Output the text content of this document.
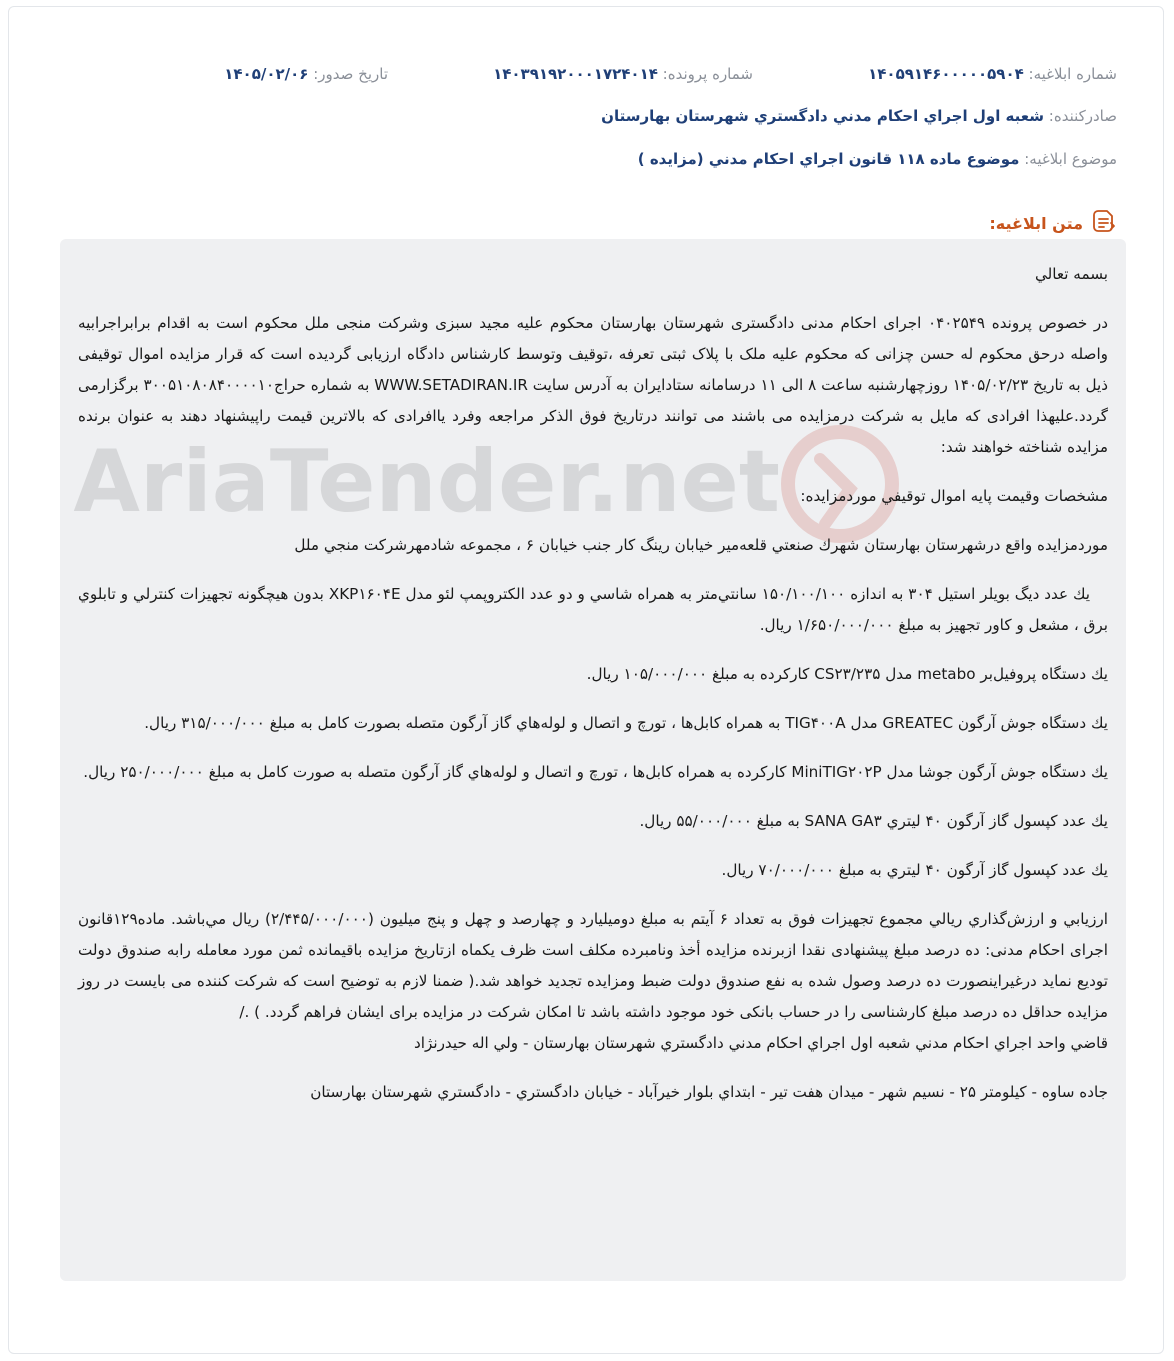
شماره ابلاغيه: ۱۴۰۵۹۱۴۶۰۰۰۰۰۵۹۰۴
شماره پرونده: ۱۴۰۳۹۱۹۲۰۰۰۱۷۲۴۰۱۴
تاريخ صدور: ۱۴۰۵/۰۲/۰۶
صادرکننده: شعبه اول اجراي احکام مدني دادگستري شهرستان بهارستان
موضوع ابلاغيه: موضوع ماده ۱۱۸ قانون اجراي احكام مدني (مزايده )
متن ابلاغيه:
AriaTender.net

بسمه تعالي

در خصوص پرونده ۰۴۰۲۵۴۹ اجرای احکام مدنی دادگستری شهرستان بهارستان محکوم علیه مجید سبزی وشرکت منجی ملل محکوم است به اقدام برابراجرابیه واصله درحق محکوم له حسن چزانی که محکوم علیه ملک با پلاک ثبتی تعرفه ،توقیف وتوسط کارشناس دادگاه ارزیابی گردیده است که قرار مزایده اموال توقیفی ذیل به تاریخ ۱۴۰۵/۰۲/۲۳ روزچهارشنبه ساعت ۸ الی ۱۱ درسامانه ستادایران به آدرس سایت WWW.SETADIRAN.IR به شماره حراج۳۰۰۵۱۰۸۰۸۴۰۰۰۰۱۰ برگزارمی گردد.علیهذا افرادی که مایل به شرکت درمزایده می باشند می توانند درتاریخ فوق الذکر مراجعه وفرد یاافرادی که بالاترین قیمت راپیشنهاد دهند به عنوان برنده مزایده شناخته خواهند شد:

مشخصات وقيمت پايه اموال توقيفي موردمزايده:

موردمزايده واقع درشهرستان بهارستان شهرك صنعتي قلعه‌مير خيابان رينگ كار جنب خيابان ۶ ، مجموعه شادمهرشركت منجي ملل

يك عدد ديگ بويلر استيل ۳۰۴ به اندازه ۱۵۰/۱۰۰/۱۰۰ سانتي‌متر به همراه شاسي و دو عدد الكتروپمپ لئو مدل XKP۱۶۰۴E بدون هيچگونه تجهيزات كنترلي و تابلوي برق ، مشعل و كاور تجهيز به مبلغ ۱/۶۵۰/۰۰۰/۰۰۰ ريال.

يك دستگاه پروفيل‌بر metabo مدل CS۲۳/۲۳۵ كاركرده به مبلغ ۱۰۵/۰۰۰/۰۰۰ ريال.

يك دستگاه جوش آرگون GREATEC مدل TIG۴۰۰A به همراه كابل‌ها ، تورچ و اتصال و لوله‌هاي گاز آرگون متصله بصورت كامل به مبلغ ۳۱۵/۰۰۰/۰۰۰ ريال.

يك دستگاه جوش آرگون جوشا مدل MiniTIG۲۰۲P كاركرده به همراه كابل‌ها ، تورچ و اتصال و لوله‌هاي گاز آرگون متصله به صورت كامل به مبلغ ۲۵۰/۰۰۰/۰۰۰ ريال.

يك عدد كپسول گاز آرگون ۴۰ ليتري SANA GA۳ به مبلغ ۵۵/۰۰۰/۰۰۰ ريال.

يك عدد كپسول گاز آرگون ۴۰ ليتري به مبلغ ۷۰/۰۰۰/۰۰۰ ريال.

ارزيابي و ارزش‌گذاري ريالي مجموع تجهيزات فوق به تعداد ۶ آيتم به مبلغ دوميليارد و چهارصد و چهل و پنج ميليون (۲/۴۴۵/۰۰۰/۰۰۰) ريال مي‌باشد. ماده۱۲۹قانون اجرای احکام مدنی: ده درصد مبلغ پیشنهادی نقدا ازبرنده مزایده أخذ ونامبرده مکلف است ظرف یکماه ازتاریخ مزایده باقیمانده ثمن مورد معامله رابه صندوق دولت تودیع نماید درغیراینصورت ده درصد وصول شده به نفع صندوق دولت ضبط ومزایده تجدید خواهد شد.( ضمنا لازم به توضیح است که شرکت کننده می بایست در روز مزایده حداقل ده درصد مبلغ کارشناسی را در حساب بانکی خود موجود داشته باشد تا امکان شرکت در مزایده برای ایشان فراهم گردد. ) ./

قاضي واحد اجراي احكام مدني شعبه اول اجراي احکام مدني دادگستري شهرستان بهارستان - ولي اله حيدرنژاد

جاده ساوه - كيلومتر ۲۵ - نسيم شهر - ميدان هفت تير - ابتداي بلوار خيرآباد - خيابان دادگستري - دادگستري شهرستان بهارستان
